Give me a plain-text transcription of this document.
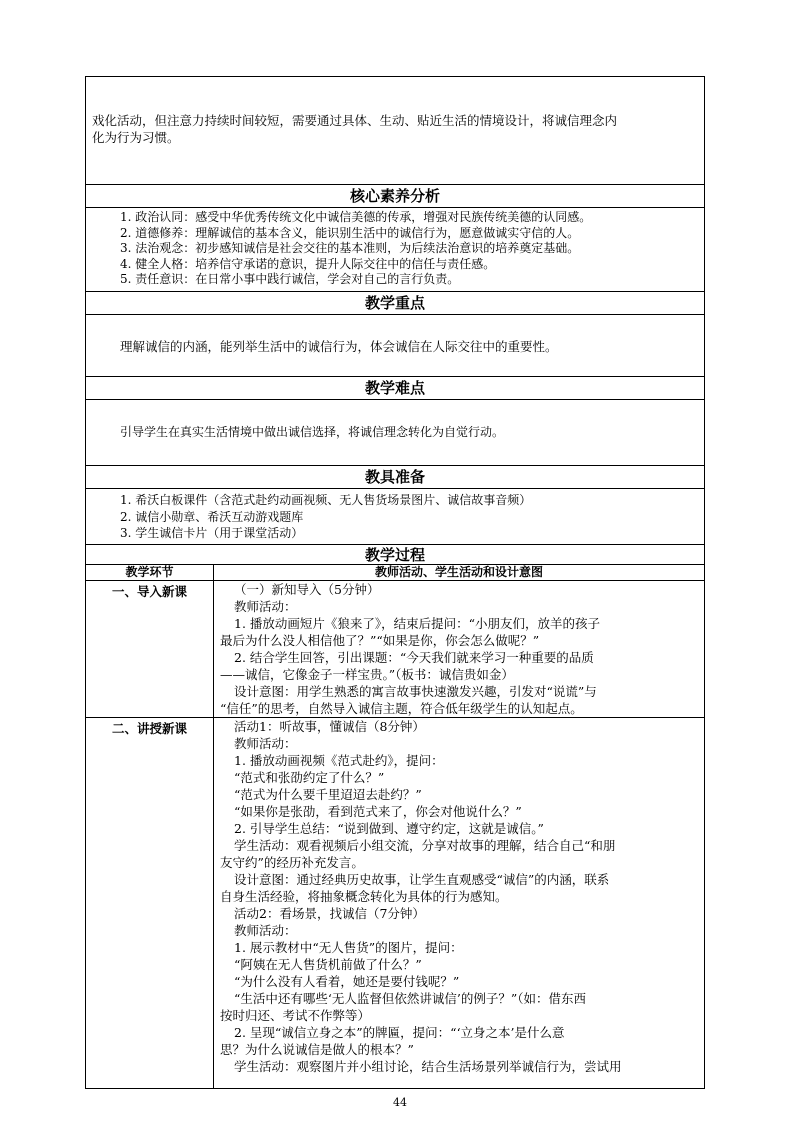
戏化活动，但注意力持续时间较短，需要通过具体、生动、贴近生活的情境设计，将诚信理念内
化为行为习惯。
核心素养分析
1. 政治认同：感受中华优秀传统文化中诚信美德的传承，增强对民族传统美德的认同感。
2. 道德修养：理解诚信的基本含义，能识别生活中的诚信行为，愿意做诚实守信的人。
3. 法治观念：初步感知诚信是社会交往的基本准则，为后续法治意识的培养奠定基础。
4. 健全人格：培养信守承诺的意识，提升人际交往中的信任与责任感。
5. 责任意识：在日常小事中践行诚信，学会对自己的言行负责。
教学重点
理解诚信的内涵，能列举生活中的诚信行为，体会诚信在人际交往中的重要性。
教学难点
引导学生在真实生活情境中做出诚信选择，将诚信理念转化为自觉行动。
教具准备
1. 希沃白板课件（含范式赴约动画视频、无人售货场景图片、诚信故事音频）
2. 诚信小勋章、希沃互动游戏题库
3. 学生诚信卡片（用于课堂活动）
教学过程
教学环节	教师活动、学生活动和设计意图
一、导入新课	（一）新知导入（5分钟）
教师活动：
1. 播放动画短片《狼来了》，结束后提问：“小朋友们，放羊的孩子
最后为什么没人相信他了？”“如果是你，你会怎么做呢？”
2. 结合学生回答，引出课题：“今天我们就来学习一种重要的品质
——诚信，它像金子一样宝贵。”（板书：诚信贵如金）
设计意图：用学生熟悉的寓言故事快速激发兴趣，引发对“说谎”与
“信任”的思考，自然导入诚信主题，符合低年级学生的认知起点。
二、讲授新课	活动1：听故事，懂诚信（8分钟）
教师活动：
1. 播放动画视频《范式赴约》，提问：
“范式和张劭约定了什么？”
“范式为什么要千里迢迢去赴约？”
“如果你是张劭，看到范式来了，你会对他说什么？”
2. 引导学生总结：“说到做到、遵守约定，这就是诚信。”
学生活动：观看视频后小组交流，分享对故事的理解，结合自己“和朋
友守约”的经历补充发言。
设计意图：通过经典历史故事，让学生直观感受“诚信”的内涵，联系
自身生活经验，将抽象概念转化为具体的行为感知。
活动2：看场景，找诚信（7分钟）
教师活动：
1. 展示教材中“无人售货”的图片，提问：
“阿姨在无人售货机前做了什么？”
“为什么没有人看着，她还是要付钱呢？”
“生活中还有哪些‘无人监督但依然讲诚信’的例子？”（如：借东西
按时归还、考试不作弊等）
2. 呈现“诚信立身之本”的牌匾，提问：“‘立身之本’是什么意
思？为什么说诚信是做人的根本？”
学生活动：观察图片并小组讨论，结合生活场景列举诚信行为，尝试用
44
